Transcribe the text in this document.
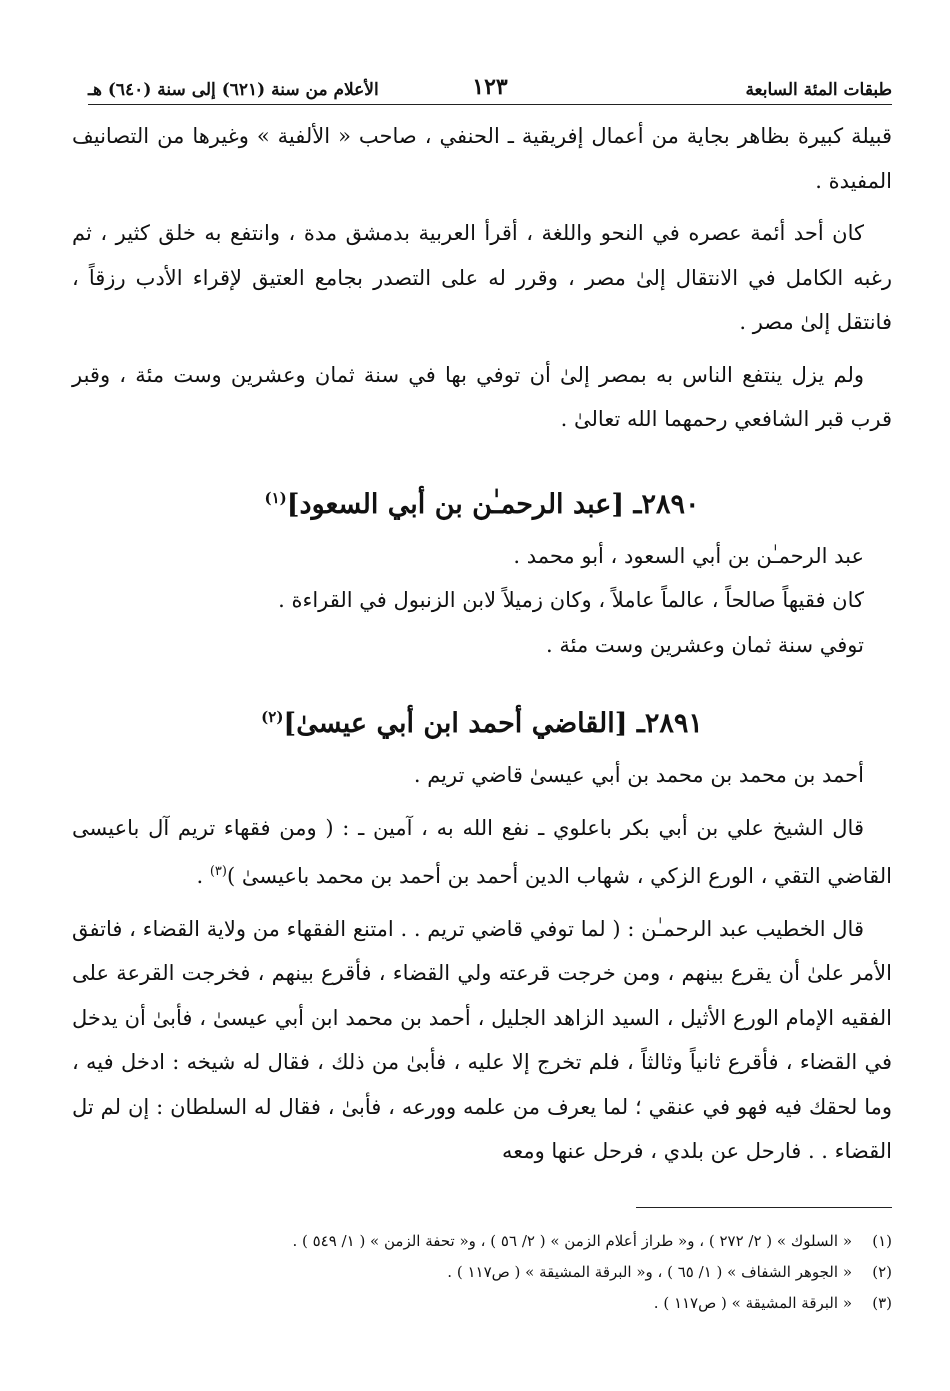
طبقات المئة السابعة
١٢٣
الأعلام من سنة (٦٢١) إلى سنة (٦٤٠) هـ

قبيلة كبيرة بظاهر بجاية من أعمال إفريقية ـ الحنفي ، صاحب « الألفية » وغيرها من التصانيف المفيدة .

كان أحد أئمة عصره في النحو واللغة ، أقرأ العربية بدمشق مدة ، وانتفع به خلق كثير ، ثم رغبه الكامل في الانتقال إلىٰ مصر ، وقرر له على التصدر بجامع العتيق لإقراء الأدب رزقاً ، فانتقل إلىٰ مصر .

ولم يزل ينتفع الناس به بمصر إلىٰ أن توفي بها في سنة ثمان وعشرين وست مئة ، وقبر قرب قبر الشافعي رحمهما الله تعالىٰ .

٢٨٩٠ـ [عبد الرحمـٰن بن أبي السعود]$^{(١)}$

عبد الرحمـٰن بن أبي السعود ، أبو محمد .

كان فقيهاً صالحاً ، عالماً عاملاً ، وكان زميلاً لابن الزنبول في القراءة .

توفي سنة ثمان وعشرين وست مئة .

٢٨٩١ـ [القاضي أحمد ابن أبي عيسىٰ]$^{(٢)}$

أحمد بن محمد بن محمد بن أبي عيسىٰ قاضي تريم .

قال الشيخ علي بن أبي بكر باعلوي ـ نفع الله به ، آمين ـ : ( ومن فقهاء تريم آل باعيسى القاضي التقي ، الورع الزكي ، شهاب الدين أحمد بن أحمد بن محمد باعيسىٰ )$^{(٣)}$ .

قال الخطيب عبد الرحمـٰن : ( لما توفي قاضي تريم . . امتنع الفقهاء من ولاية القضاء ، فاتفق الأمر علىٰ أن يقرع بينهم ، ومن خرجت قرعته ولي القضاء ، فأقرع بينهم ، فخرجت القرعة على الفقيه الإمام الورع الأثيل ، السيد الزاهد الجليل ، أحمد بن محمد ابن أبي عيسىٰ ، فأبىٰ أن يدخل في القضاء ، فأقرع ثانياً وثالثاً ، فلم تخرج إلا عليه ، فأبىٰ من ذلك ، فقال له شيخه : ادخل فيه ، وما لحقك فيه فهو في عنقي ؛ لما يعرف من علمه وورعه ، فأبىٰ ، فقال له السلطان : إن لم تل القضاء . . فارحل عن بلدي ، فرحل عنها ومعه

(١)
« السلوك » ( ٢/ ٢٧٢ ) ، و« طراز أعلام الزمن » ( ٢/ ٥٦ ) ، و« تحفة الزمن » ( ١/ ٥٤٩ ) .
(٢)
« الجوهر الشفاف » ( ١/ ٦٥ ) ، و« البرقة المشيقة » ( ص١١٧ ) .
(٣)
« البرقة المشيقة » ( ص١١٧ ) .
